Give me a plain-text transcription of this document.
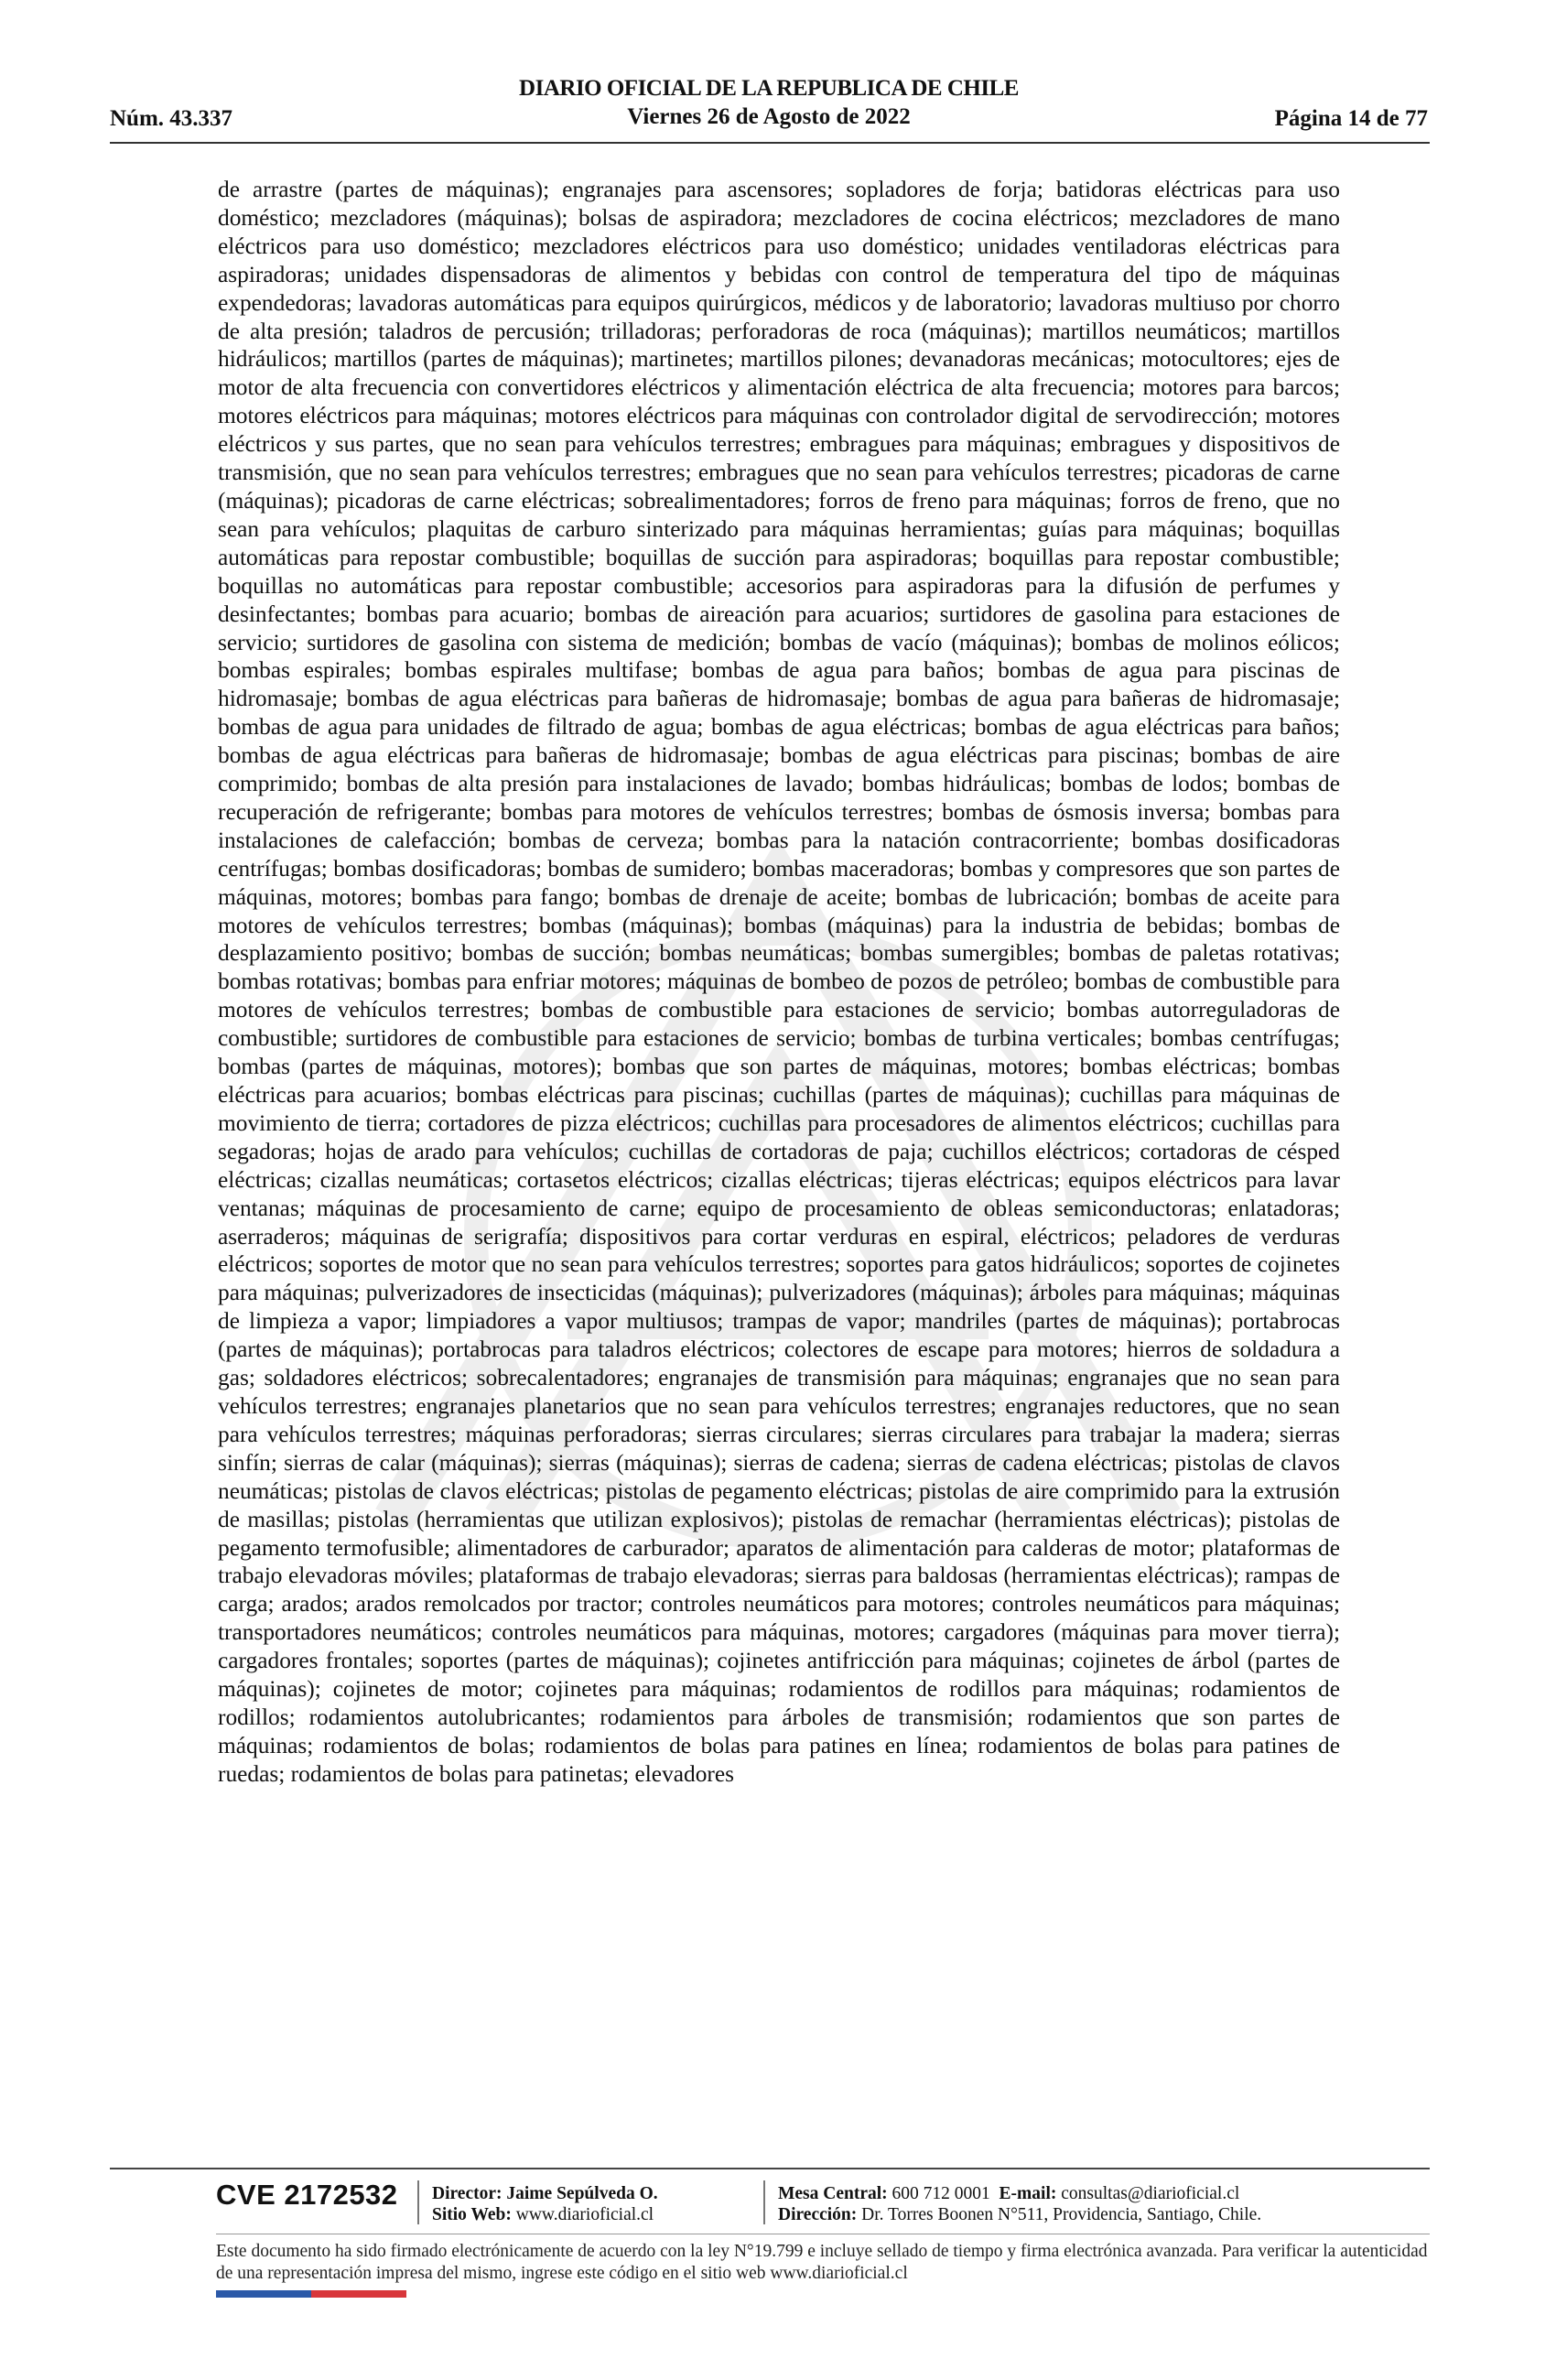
Núm. 43.337
DIARIO OFICIAL DE LA REPUBLICA DE CHILE
Viernes 26 de Agosto de 2022	Página 14 de 77
de arrastre (partes de máquinas); engranajes para ascensores; sopladores de forja; batidoras eléctricas para uso doméstico; mezcladores (máquinas); bolsas de aspiradora; mezcladores de cocina eléctricos; mezcladores de mano eléctricos para uso doméstico; mezcladores eléctricos para uso doméstico; unidades ventiladoras eléctricas para aspiradoras; unidades dispensadoras de alimentos y bebidas con control de temperatura del tipo de máquinas expendedoras; lavadoras automáticas para equipos quirúrgicos, médicos y de laboratorio; lavadoras multiuso por chorro de alta presión; taladros de percusión; trilladoras; perforadoras de roca (máquinas); martillos neumáticos; martillos hidráulicos; martillos (partes de máquinas); martinetes; martillos pilones; devanadoras mecánicas; motocultores; ejes de motor de alta frecuencia con convertidores eléctricos y alimentación eléctrica de alta frecuencia; motores para barcos; motores eléctricos para máquinas; motores eléctricos para máquinas con controlador digital de servodirección; motores eléctricos y sus partes, que no sean para vehículos terrestres; embragues para máquinas; embragues y dispositivos de transmisión, que no sean para vehículos terrestres; embragues que no sean para vehículos terrestres; picadoras de carne (máquinas); picadoras de carne eléctricas; sobrealimentadores; forros de freno para máquinas; forros de freno, que no sean para vehículos; plaquitas de carburo sinterizado para máquinas herramientas; guías para máquinas; boquillas automáticas para repostar combustible; boquillas de succión para aspiradoras; boquillas para repostar combustible; boquillas no automáticas para repostar combustible; accesorios para aspiradoras para la difusión de perfumes y desinfectantes; bombas para acuario; bombas de aireación para acuarios; surtidores de gasolina para estaciones de servicio; surtidores de gasolina con sistema de medición; bombas de vacío (máquinas); bombas de molinos eólicos; bombas espirales; bombas espirales multifase; bombas de agua para baños; bombas de agua para piscinas de hidromasaje; bombas de agua eléctricas para bañeras de hidromasaje; bombas de agua para bañeras de hidromasaje; bombas de agua para unidades de filtrado de agua; bombas de agua eléctricas; bombas de agua eléctricas para baños; bombas de agua eléctricas para bañeras de hidromasaje; bombas de agua eléctricas para piscinas; bombas de aire comprimido; bombas de alta presión para instalaciones de lavado; bombas hidráulicas; bombas de lodos; bombas de recuperación de refrigerante; bombas para motores de vehículos terrestres; bombas de ósmosis inversa; bombas para instalaciones de calefacción; bombas de cerveza; bombas para la natación contracorriente; bombas dosificadoras centrífugas; bombas dosificadoras; bombas de sumidero; bombas maceradoras; bombas y compresores que son partes de máquinas, motores; bombas para fango; bombas de drenaje de aceite; bombas de lubricación; bombas de aceite para motores de vehículos terrestres; bombas (máquinas); bombas (máquinas) para la industria de bebidas; bombas de desplazamiento positivo; bombas de succión; bombas neumáticas; bombas sumergibles; bombas de paletas rotativas; bombas rotativas; bombas para enfriar motores; máquinas de bombeo de pozos de petróleo; bombas de combustible para motores de vehículos terrestres; bombas de combustible para estaciones de servicio; bombas autorreguladoras de combustible; surtidores de combustible para estaciones de servicio; bombas de turbina verticales; bombas centrífugas; bombas (partes de máquinas, motores); bombas que son partes de máquinas, motores; bombas eléctricas; bombas eléctricas para acuarios; bombas eléctricas para piscinas; cuchillas (partes de máquinas); cuchillas para máquinas de movimiento de tierra; cortadores de pizza eléctricos; cuchillas para procesadores de alimentos eléctricos; cuchillas para segadoras; hojas de arado para vehículos; cuchillas de cortadoras de paja; cuchillos eléctricos; cortadoras de césped eléctricas; cizallas neumáticas; cortasetos eléctricos; cizallas eléctricas; tijeras eléctricas; equipos eléctricos para lavar ventanas; máquinas de procesamiento de carne; equipo de procesamiento de obleas semiconductoras; enlatadoras; aserraderos; máquinas de serigrafía; dispositivos para cortar verduras en espiral, eléctricos; peladores de verduras eléctricos; soportes de motor que no sean para vehículos terrestres; soportes para gatos hidráulicos; soportes de cojinetes para máquinas; pulverizadores de insecticidas (máquinas); pulverizadores (máquinas); árboles para máquinas; máquinas de limpieza a vapor; limpiadores a vapor multiusos; trampas de vapor; mandriles (partes de máquinas); portabrocas (partes de máquinas); portabrocas para taladros eléctricos; colectores de escape para motores; hierros de soldadura a gas; soldadores eléctricos; sobrecalentadores; engranajes de transmisión para máquinas; engranajes que no sean para vehículos terrestres; engranajes planetarios que no sean para vehículos terrestres; engranajes reductores, que no sean para vehículos terrestres; máquinas perforadoras; sierras circulares; sierras circulares para trabajar la madera; sierras sinfín; sierras de calar (máquinas); sierras (máquinas); sierras de cadena; sierras de cadena eléctricas; pistolas de clavos neumáticas; pistolas de clavos eléctricas; pistolas de pegamento eléctricas; pistolas de aire comprimido para la extrusión de masillas; pistolas (herramientas que utilizan explosivos); pistolas de remachar (herramientas eléctricas); pistolas de pegamento termofusible; alimentadores de carburador; aparatos de alimentación para calderas de motor; plataformas de trabajo elevadoras móviles; plataformas de trabajo elevadoras; sierras para baldosas (herramientas eléctricas); rampas de carga; arados; arados remolcados por tractor; controles neumáticos para motores; controles neumáticos para máquinas; transportadores neumáticos; controles neumáticos para máquinas, motores; cargadores (máquinas para mover tierra); cargadores frontales; soportes (partes de máquinas); cojinetes antifricción para máquinas; cojinetes de árbol (partes de máquinas); cojinetes de motor; cojinetes para máquinas; rodamientos de rodillos para máquinas; rodamientos de rodillos; rodamientos autolubricantes; rodamientos para árboles de transmisión; rodamientos que son partes de máquinas; rodamientos de bolas; rodamientos de bolas para patines en línea; rodamientos de bolas para patines de ruedas; rodamientos de bolas para patinetas; elevadores
CVE 2172532 Director: Jaime Sepúlveda O.
Sitio Web: www.diarioficial.cl
Mesa Central: 600 712 0001 E-mail: consultas@diarioficial.cl
Dirección: Dr. Torres Boonen N°511, Providencia, Santiago, Chile.
Este documento ha sido firmado electrónicamente de acuerdo con la ley N°19.799 e incluye sellado de tiempo y firma electrónica avanzada. Para verificar la autenticidad de una representación impresa del mismo, ingrese este código en el sitio web www.diarioficial.cl
